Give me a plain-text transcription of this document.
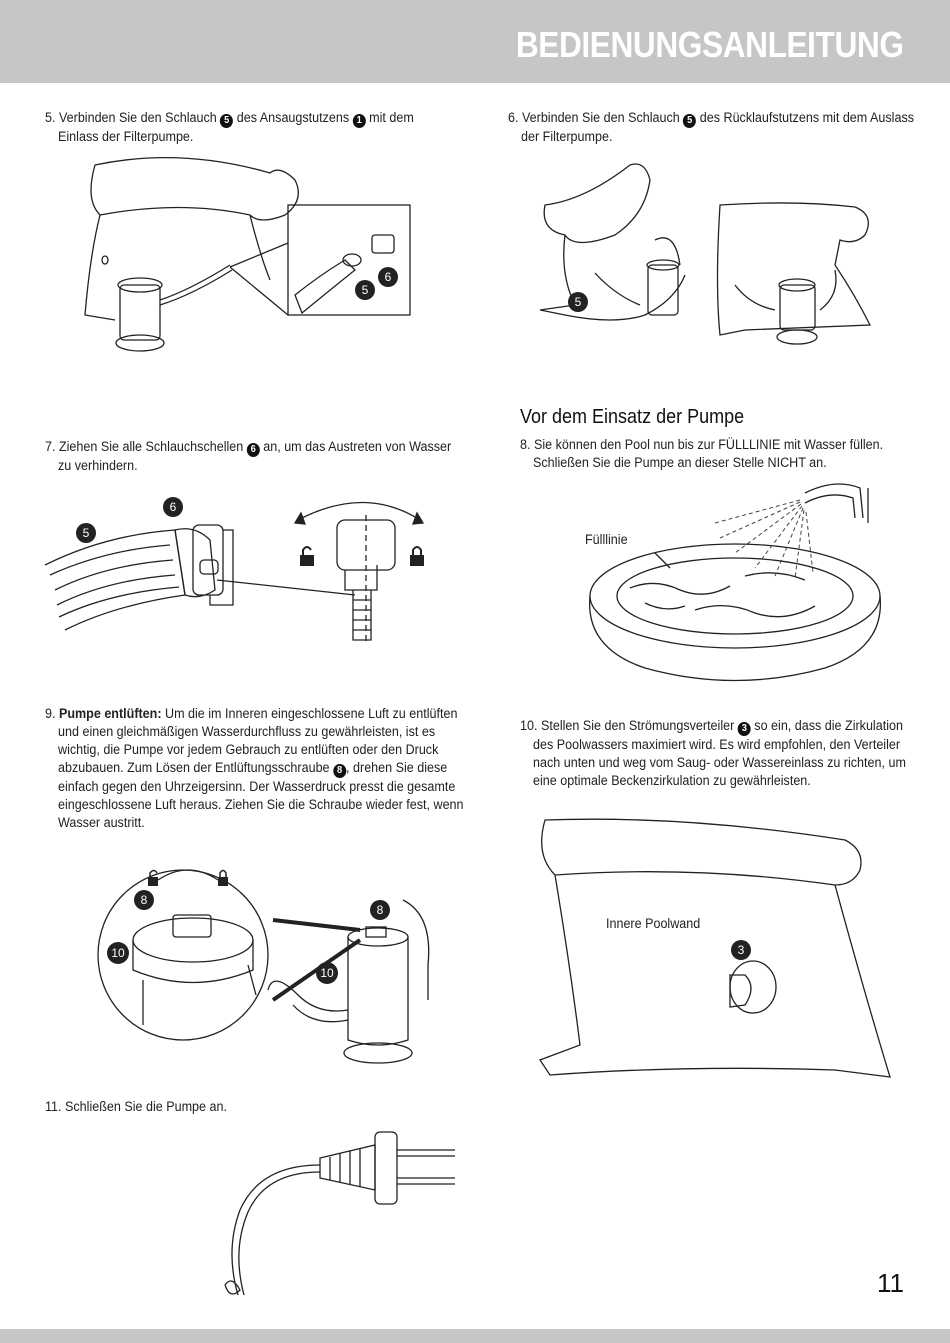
BEDIENUNGSANLEITUNG
5. Verbinden Sie den Schlauch 5 des Ansaugstutzens 1 mit dem
Einlass der Filterpumpe.
6. Verbinden Sie den Schlauch 5 des Rücklaufstutzens mit dem Auslass
der Filterpumpe.
6
5
5
Vor dem Einsatz der Pumpe
8. Sie können den Pool nun bis zur FÜLLLINIE mit Wasser füllen.
Schließen Sie die Pumpe an dieser Stelle NICHT an.
7. Ziehen Sie alle Schlauchschellen 6 an, um das Austreten von Wasser
zu verhindern.
6
5	Fülllinie
9. Pumpe entlüften: Um die im Inneren eingeschlossene Luft zu entlüften
und einen gleichmäßigen Wasserdurchfluss zu gewährleisten, ist es
wichtig, die Pumpe vor jedem Gebrauch zu entlüften oder den Druck
abzubauen. Zum Lösen der Entlüftungsschraube 8 , drehen Sie diese
einfach gegen den Uhrzeigersinn. Der Wasserdruck presst die gesamte
eingeschlossene Luft heraus. Ziehen Sie die Schraube wieder fest, wenn
Wasser austritt.
10. Stellen Sie den Strömungsverteiler 3 so ein, dass die Zirkulation
des Poolwassers maximiert wird. Es wird empfohlen, den Verteiler
nach unten und weg vom Saug- oder Wassereinlass zu richten, um
eine optimale Beckenzirkulation zu gewährleisten.
8
10
8
10
3
Innere Poolwand
11. Schließen Sie die Pumpe an.
11
